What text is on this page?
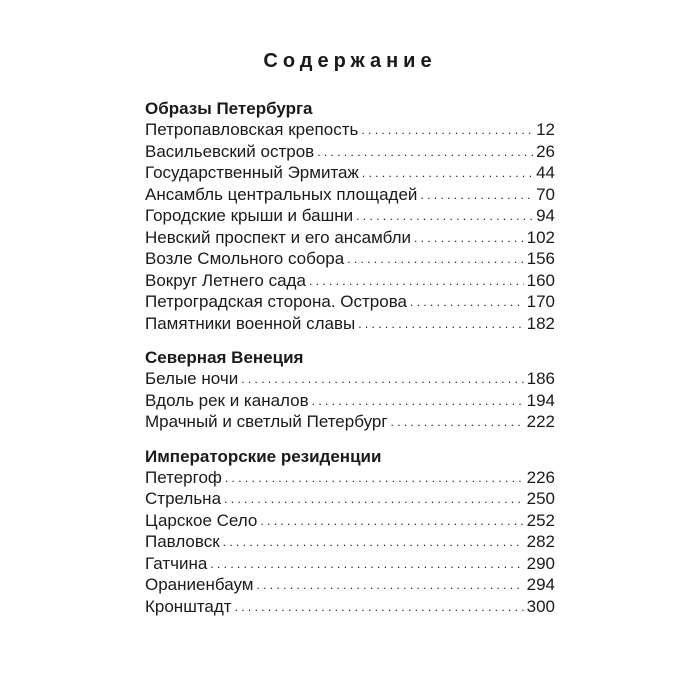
Содержание
Образы Петербурга
Петропавловская крепость . . .	12
Васильевский остров . . .	26
Государственный Эрмитаж . . .	44
Ансамбль центральных площадей . . .	70
Городские крыши и башни . . .	94
Невский проспект и его ансамбли . . .	102
Возле Смольного собора . . .	156
Вокруг Летнего сада . . .	160
Петроградская сторона. Острова . . .	170
Памятники военной славы . . .	182
Северная Венеция
Белые ночи . . .	186
Вдоль рек и каналов . . .	194
Мрачный и светлый Петербург . . .	222
Императорские резиденции
Петергоф . . .	226
Стрельна . . .	250
Царское Село . . .	252
Павловск . . .	282
Гатчина . . .	290
Ораниенбаум . . .	294
Кронштадт . . .	300
